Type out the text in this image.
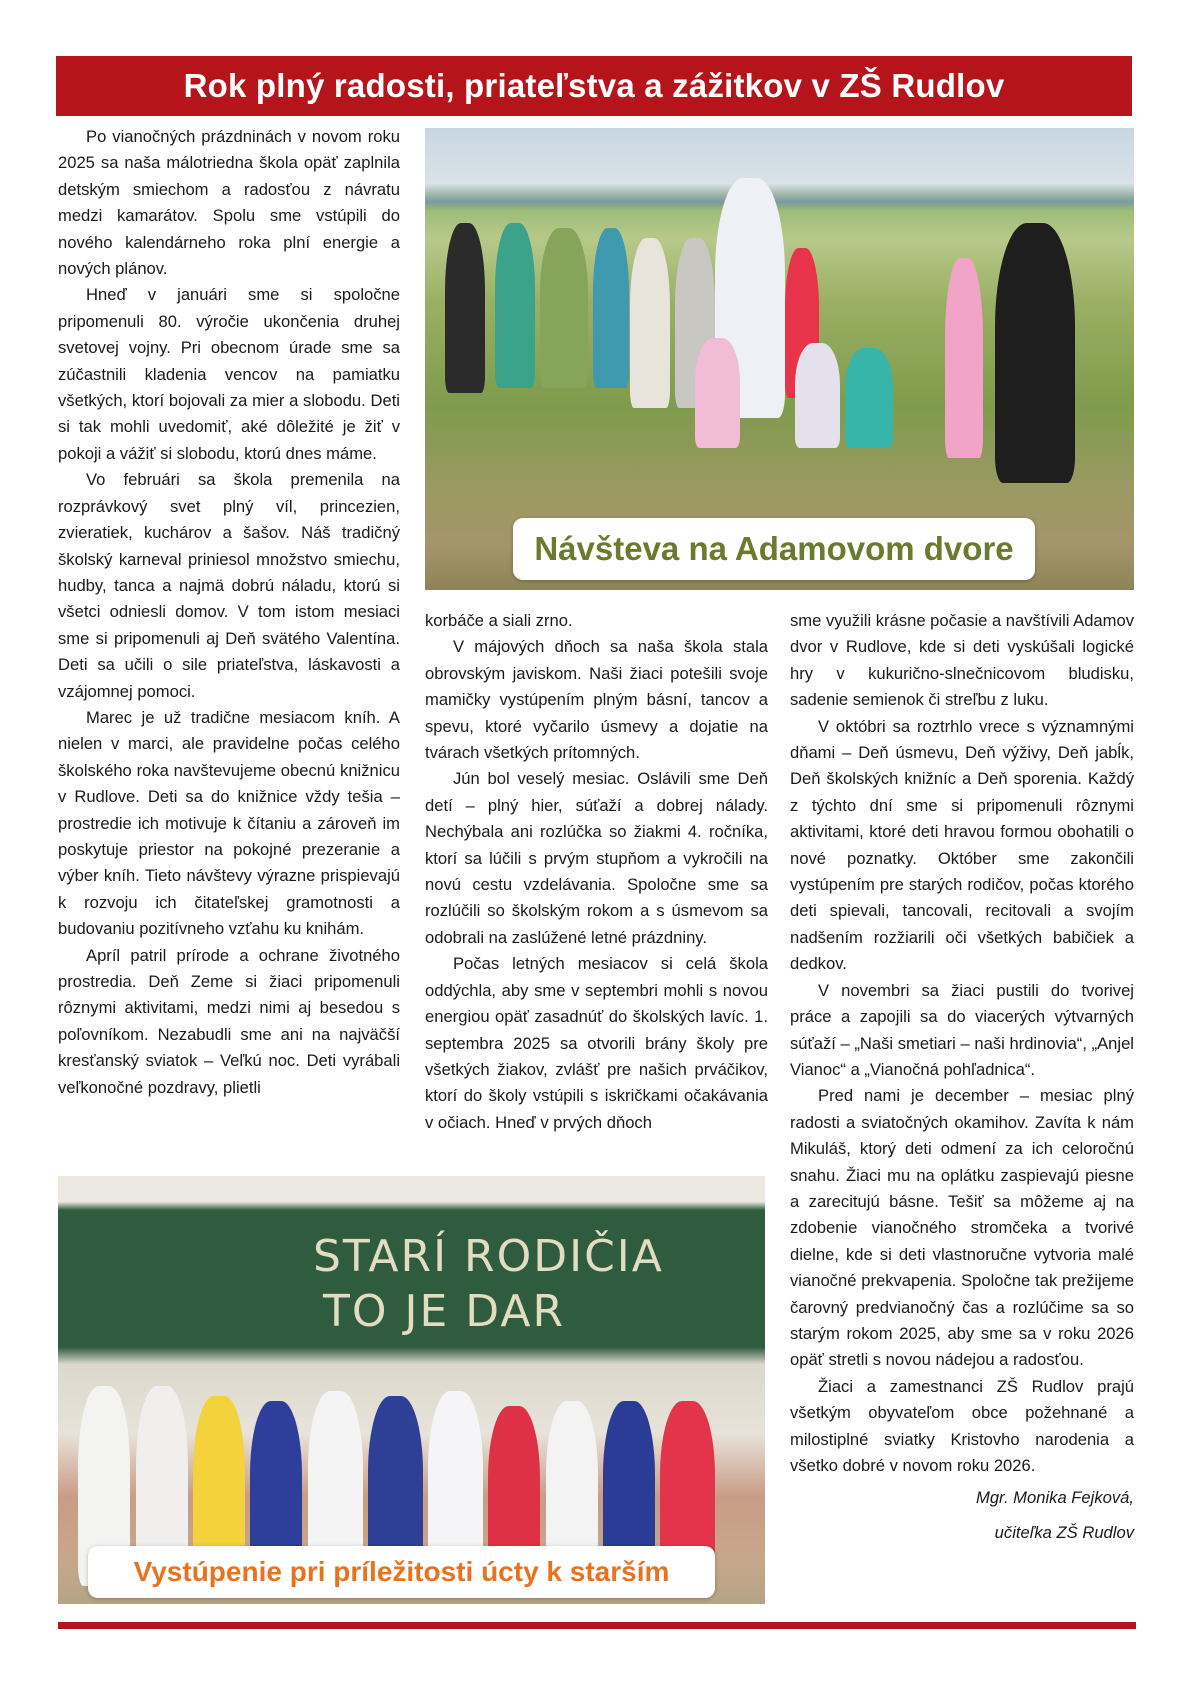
Rok plný radosti, priateľstva a zážitkov v ZŠ Rudlov

Po vianočných prázdninách v novom roku 2025 sa naša málotriedna škola opäť zaplnila detským smiechom a radosťou z návratu medzi kamarátov. Spolu sme vstúpili do nového kalendárneho roka plní energie a nových plánov.

Hneď v januári sme si spoločne pripomenuli 80. výročie ukončenia druhej svetovej vojny. Pri obecnom úrade sme sa zúčastnili kladenia vencov na pamiatku všetkých, ktorí bojovali za mier a slobodu. Deti si tak mohli uvedomiť, aké dôležité je žiť v pokoji a vážiť si slobodu, ktorú dnes máme.

Vo februári sa škola premenila na rozprávkový svet plný víl, princezien, zvieratiek, kuchárov a šašov. Náš tradičný školský karneval priniesol množstvo smiechu, hudby, tanca a najmä dobrú náladu, ktorú si všetci odniesli domov. V tom istom mesiaci sme si pripomenuli aj Deň svätého Valentína. Deti sa učili o sile priateľstva, láskavosti a vzájomnej pomoci.

Marec je už tradične mesiacom kníh. A nielen v marci, ale pravidelne počas celého školského roka navštevujeme obecnú knižnicu v Rudlove. Deti sa do knižnice vždy tešia – prostredie ich motivuje k čítaniu a zároveň im poskytuje priestor na pokojné prezeranie a výber kníh. Tieto návštevy výrazne prispievajú k rozvoju ich čitateľskej gramotnosti a budovaniu pozitívneho vzťahu ku knihám.

Apríl patril prírode a ochrane životného prostredia. Deň Zeme si žiaci pripomenuli rôznymi aktivitami, medzi nimi aj besedou s poľovníkom. Nezabudli sme ani na najväčší kresťanský sviatok – Veľkú noc. Deti vyrábali veľkonočné pozdravy, plietli

Návšteva na Adamovom dvore

korbáče a siali zrno.

V májových dňoch sa naša škola stala obrovským javiskom. Naši žiaci potešili svoje mamičky vystúpením plným básní, tancov a spevu, ktoré vyčarilo úsmevy a dojatie na tvárach všetkých prítomných.

Jún bol veselý mesiac. Oslávili sme Deň detí – plný hier, súťaží a dobrej nálady. Nechýbala ani rozlúčka so žiakmi 4. ročníka, ktorí sa lúčili s prvým stupňom a vykročili na novú cestu vzdelávania. Spoločne sme sa rozlúčili so školským rokom a s úsmevom sa odobrali na zaslúžené letné prázdniny.

Počas letných mesiacov si celá škola oddýchla, aby sme v septembri mohli s novou energiou opäť zasadnúť do školských lavíc. 1. septembra 2025 sa otvorili brány školy pre všetkých žiakov, zvlášť pre našich prváčikov, ktorí do školy vstúpili s iskričkami očakávania v očiach. Hneď v prvých dňoch

sme využili krásne počasie a navštívili Adamov dvor v Rudlove, kde si deti vyskúšali logické hry v kukuričnо-slnečnicovom bludisku, sadenie semienok či streľbu z luku.

V októbri sa roztrhlo vrece s významnými dňami – Deň úsmevu, Deň výživy, Deň jabĺk, Deň školských knižníc a Deň sporenia. Každý z týchto dní sme si pripomenuli rôznymi aktivitami, ktoré deti hravou formou obohatili o nové poznatky. Október sme zakončili vystúpením pre starých rodičov, počas ktorého deti spievali, tancovali, recitovali a svojím nadšením rozžiarili oči všetkých babičiek a dedkov.

V novembri sa žiaci pustili do tvorivej práce a zapojili sa do viacerých výtvarných súťaží – „Naši smetiari – naši hrdinovia“, „Anjel Vianoc“ a „Vianočná pohľadnica“.

Pred nami je december – mesiac plný radosti a sviatočných okamihov. Zavíta k nám Mikuláš, ktorý deti odmení za ich celoročnú snahu. Žiaci mu na oplátku zaspievajú piesne a zarecitujú básne. Tešiť sa môžeme aj na zdobenie vianočného stromčeka a tvorivé dielne, kde si deti vlastnoručne vytvoria malé vianočné prekvapenia. Spoločne tak prežijeme čarovný predvianočný čas a rozlúčime sa so starým rokom 2025, aby sme sa v roku 2026 opäť stretli s novou nádejou a radosťou.

Žiaci a zamestnanci ZŠ Rudlov prajú všetkým obyvateľom obce požehnané a milostiplné sviatky Kristovho narodenia a všetko dobré v novom roku 2026.

Mgr. Monika Fejková,

učiteľka ZŠ Rudlov

STARÍ RODIČIA
TO JE DAR
Vystúpenie pri príležitosti úcty k starším
